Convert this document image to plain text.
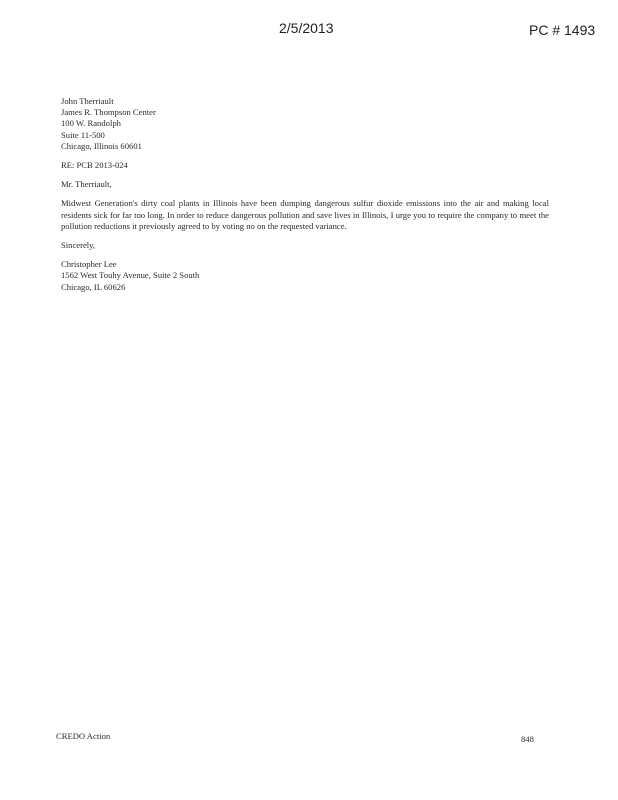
2/5/2013	PC # 1493
John Therriault
James R. Thompson Center
100 W. Randolph
Suite 11-500
Chicago, Illinois 60601
RE: PCB 2013-024
Mr. Therriault,
Midwest Generation's dirty coal plants in Illinois have been dumping dangerous sulfur dioxide emissions into the air and making local residents sick for far too long. In order to reduce dangerous pollution and save lives in Illinois, I urge you to require the company to meet the pollution reductions it previously agreed to by voting no on the requested variance.
Sincerely,
Christopher Lee
1562 West Touhy Avenue, Suite 2 South
Chicago, IL 60626
CREDO Action	848
